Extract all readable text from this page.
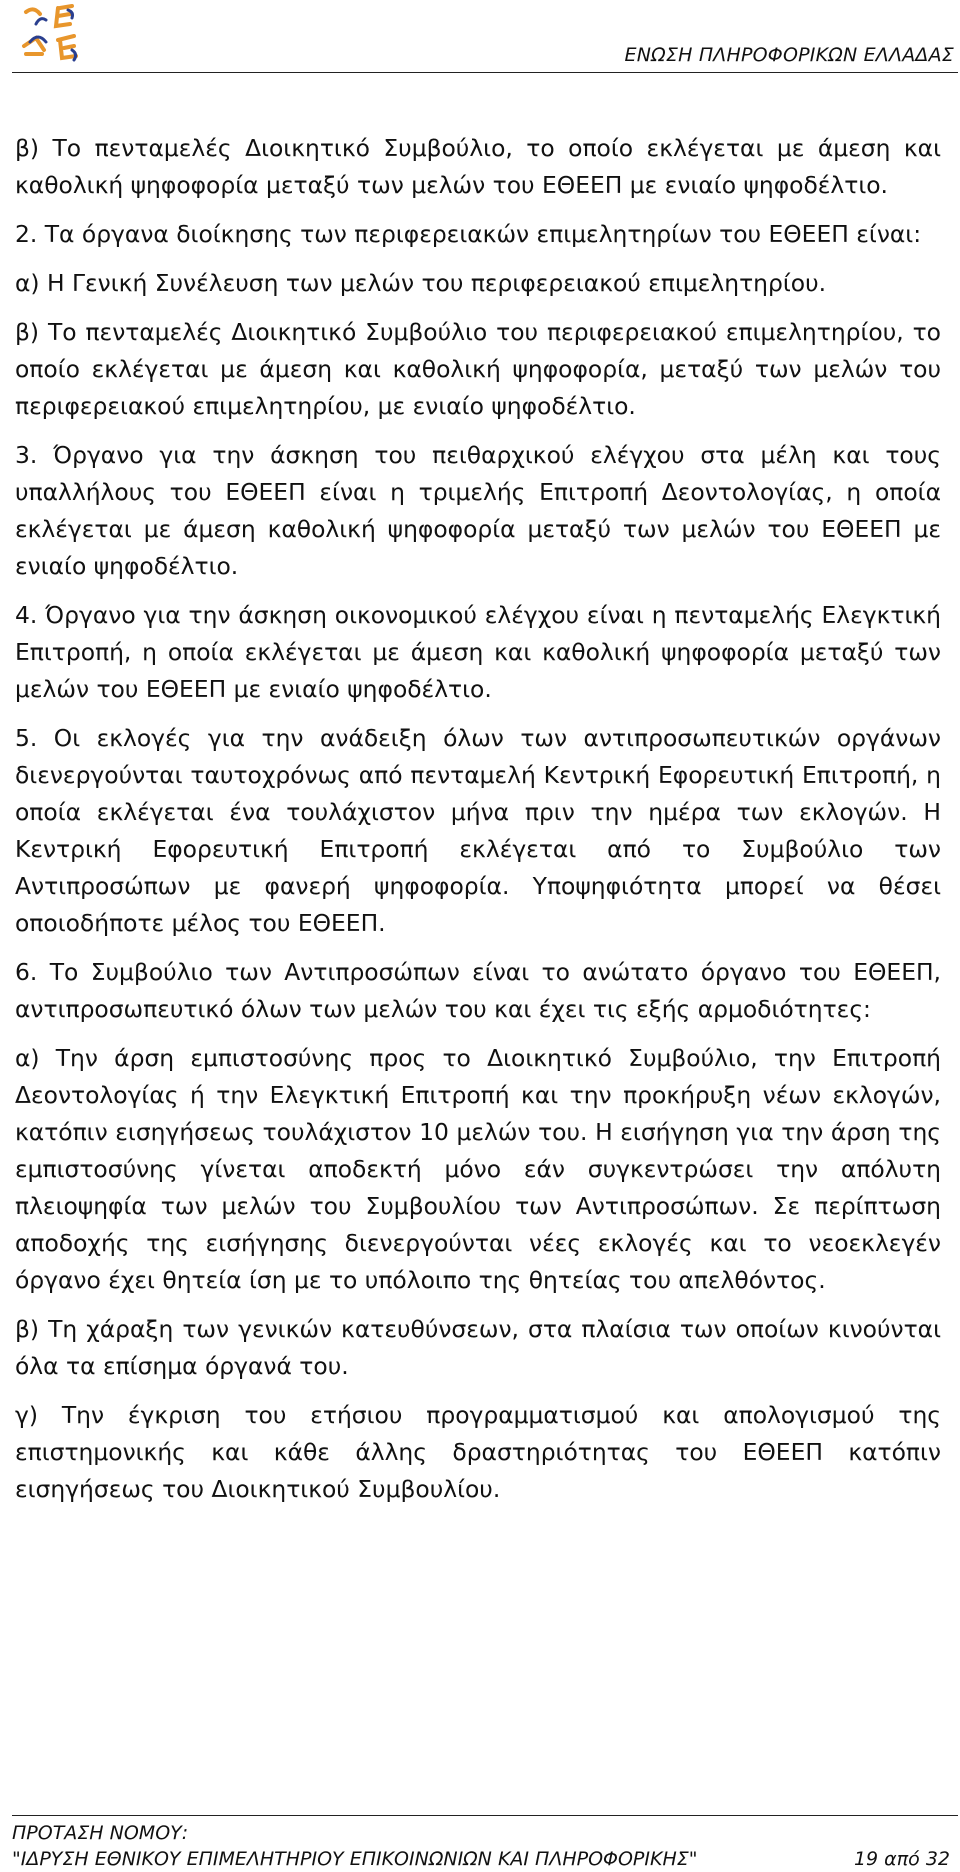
ΕΝΩΣΗ ΠΛΗΡΟΦΟΡΙΚΩΝ ΕΛΛΑΔΑΣ

β) Το πενταμελές Διοικητικό Συμβούλιο, το οποίο εκλέγεται με άμεση και καθολική ψηφοφορία μεταξύ των μελών του ΕΘΕΕΠ με ενιαίο ψηφοδέλτιο.

2. Τα όργανα διοίκησης των περιφερειακών επιμελητηρίων του ΕΘΕΕΠ είναι:

α) Η Γενική Συνέλευση των μελών του περιφερειακού επιμελητηρίου.

β) Το πενταμελές Διοικητικό Συμβούλιο του περιφερειακού επιμελητηρίου, το οποίο εκλέγεται με άμεση και καθολική ψηφοφορία, μεταξύ των μελών του περιφερειακού επιμελητηρίου, με ενιαίο ψηφοδέλτιο.

3. Όργανο για την άσκηση του πειθαρχικού ελέγχου στα μέλη και τους υπαλλήλους του ΕΘΕΕΠ είναι η τριμελής Επιτροπή Δεοντολογίας, η οποία εκλέγεται με άμεση καθολική ψηφοφορία μεταξύ των μελών του ΕΘΕΕΠ με ενιαίο ψηφοδέλτιο.

4. Όργανο για την άσκηση οικονομικού ελέγχου είναι η πενταμελής Ελεγκτική Επιτροπή, η οποία εκλέγεται με άμεση και καθολική ψηφοφορία μεταξύ των μελών του ΕΘΕΕΠ με ενιαίο ψηφοδέλτιο.

5. Οι εκλογές για την ανάδειξη όλων των αντιπροσωπευτικών οργάνων διενεργούνται ταυτοχρόνως από πενταμελή Κεντρική Εφορευτική Επιτροπή, η οποία εκλέγεται ένα τουλάχιστον μήνα πριν την ημέρα των εκλογών. Η Κεντρική Εφορευτική Επιτροπή εκλέγεται από το Συμβούλιο των Αντιπροσώπων με φανερή ψηφοφορία. Υποψηφιότητα μπορεί να θέσει οποιοδήποτε μέλος του ΕΘΕΕΠ.

6. Το Συμβούλιο των Αντιπροσώπων είναι το ανώτατο όργανο του ΕΘΕΕΠ, αντιπροσωπευτικό όλων των μελών του και έχει τις εξής αρμοδιότητες:

α) Την άρση εμπιστοσύνης προς το Διοικητικό Συμβούλιο, την Επιτροπή Δεοντολογίας ή την Ελεγκτική Επιτροπή και την προκήρυξη νέων εκλογών, κατόπιν εισηγήσεως τουλάχιστον 10 μελών του. Η εισήγηση για την άρση της εμπιστοσύνης γίνεται αποδεκτή μόνο εάν συγκεντρώσει την απόλυτη πλειοψηφία των μελών του Συμβουλίου των Αντιπροσώπων. Σε περίπτωση αποδοχής της εισήγησης διενεργούνται νέες εκλογές και το νεοεκλεγέν όργανο έχει θητεία ίση με το υπόλοιπο της θητείας του απελθόντος.

β) Τη χάραξη των γενικών κατευθύνσεων, στα πλαίσια των οποίων κινούνται όλα τα επίσημα όργανά του.

γ) Την έγκριση του ετήσιου προγραμματισμού και απολογισμού της επιστημονικής και κάθε άλλης δραστηριότητας του ΕΘΕΕΠ κατόπιν εισηγήσεως του Διοικητικού Συμβουλίου.

ΠΡΟΤΑΣΗ ΝΟΜΟΥ:
"ΙΔΡΥΣΗ ΕΘΝΙΚΟΥ ΕΠΙΜΕΛΗΤΗΡΙΟΥ ΕΠΙΚΟΙΝΩΝΙΩΝ ΚΑΙ ΠΛΗΡΟΦΟΡΙΚΗΣ"	19 από 32
